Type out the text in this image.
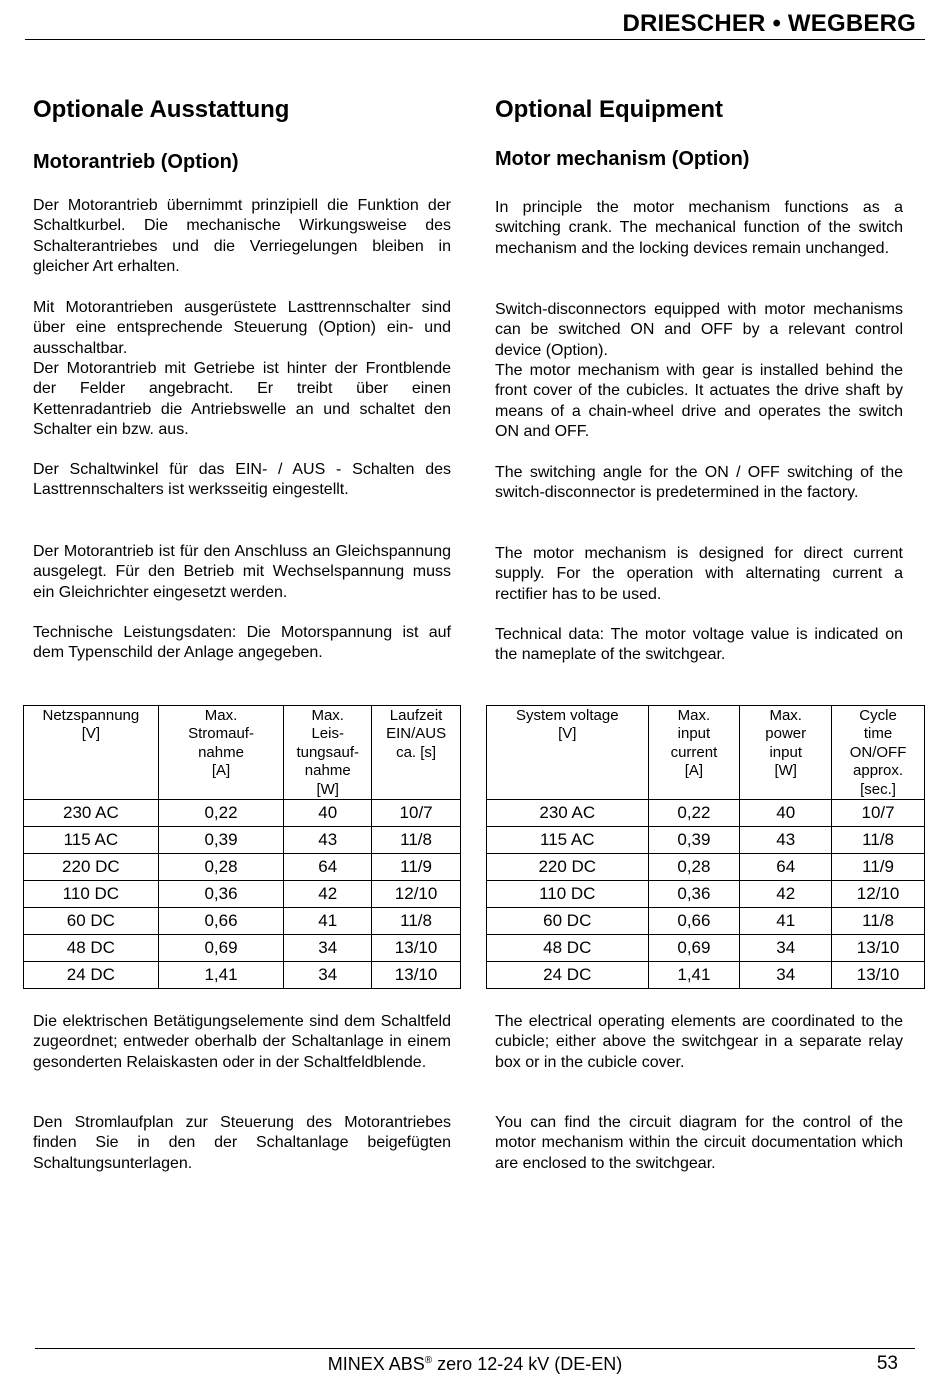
DRIESCHER • WEGBERG
Optionale Ausstattung
Motorantrieb (Option)

Der Motorantrieb übernimmt prinzipiell die Funktion der Schaltkurbel. Die mechanische Wirkungsweise des Schalterantriebes und die Verriegelungen bleiben in gleicher Art erhalten.

Mit Motorantrieben ausgerüstete Lasttrennschalter sind über eine entsprechende Steuerung (Option) ein- und ausschaltbar.

Der Motorantrieb mit Getriebe ist hinter der Frontblende der Felder angebracht. Er treibt über einen Kettenradantrieb die Antriebswelle an und schaltet den Schalter ein bzw. aus.

Der Schaltwinkel für das EIN- / AUS - Schalten des Lasttrennschalters ist werksseitig eingestellt.

Der Motorantrieb ist für den Anschluss an Gleichspannung ausgelegt. Für den Betrieb mit Wechselspannung muss ein Gleichrichter eingesetzt werden.

Technische Leistungsdaten: Die Motorspannung ist auf dem Typenschild der Anlage angegeben.

Optional Equipment
Motor mechanism (Option)

In principle the motor mechanism functions as a switching crank. The mechanical function of the switch mechanism and the locking devices remain unchanged.

Switch-disconnectors equipped with motor mechanisms can be switched ON and OFF by a relevant control device (Option).

The motor mechanism with gear is installed behind the front cover of the cubicles. It actuates the drive shaft by means of a chain-wheel drive and operates the switch ON and OFF.

The switching angle for the ON / OFF switching of the switch-disconnector is predetermined in the factory.

The motor mechanism is designed for direct current supply. For the operation with alternating current a rectifier has to be used.

Technical data: The motor voltage value is indicated on the nameplate of the switchgear.

Netzspannung
[V]	Max.
Stromauf-
nahme
[A]	Max.
Leis-
tungsauf-
nahme
[W]	Laufzeit
EIN/AUS
ca. [s]
230 AC	0,22	40	10/7
115 AC	0,39	43	11/8
220 DC	0,28	64	11/9
110 DC	0,36	42	12/10
60 DC	0,66	41	11/8
48 DC	0,69	34	13/10
24 DC	1,41	34	13/10
System voltage
[V]	Max.
input
current
[A]	Max.
power
input
[W]	Cycle
time
ON/OFF
approx.
[sec.]
230 AC	0,22	40	10/7
115 AC	0,39	43	11/8
220 DC	0,28	64	11/9
110 DC	0,36	42	12/10
60 DC	0,66	41	11/8
48 DC	0,69	34	13/10
24 DC	1,41	34	13/10

Die elektrischen Betätigungselemente sind dem Schaltfeld zugeordnet; entweder oberhalb der Schaltanlage in einem gesonderten Relaiskasten oder in der Schaltfeldblende.

Den Stromlaufplan zur Steuerung des Motorantriebes finden Sie in den der Schaltanlage beigefügten Schaltungsunterlagen.

The electrical operating elements are coordinated to the cubicle; either above the switchgear in a separate relay box or in the cubicle cover.

You can find the circuit diagram for the control of the motor mechanism within the circuit documentation which are enclosed to the switchgear.

MINEX ABS® zero 12-24 kV (DE-EN)	53
